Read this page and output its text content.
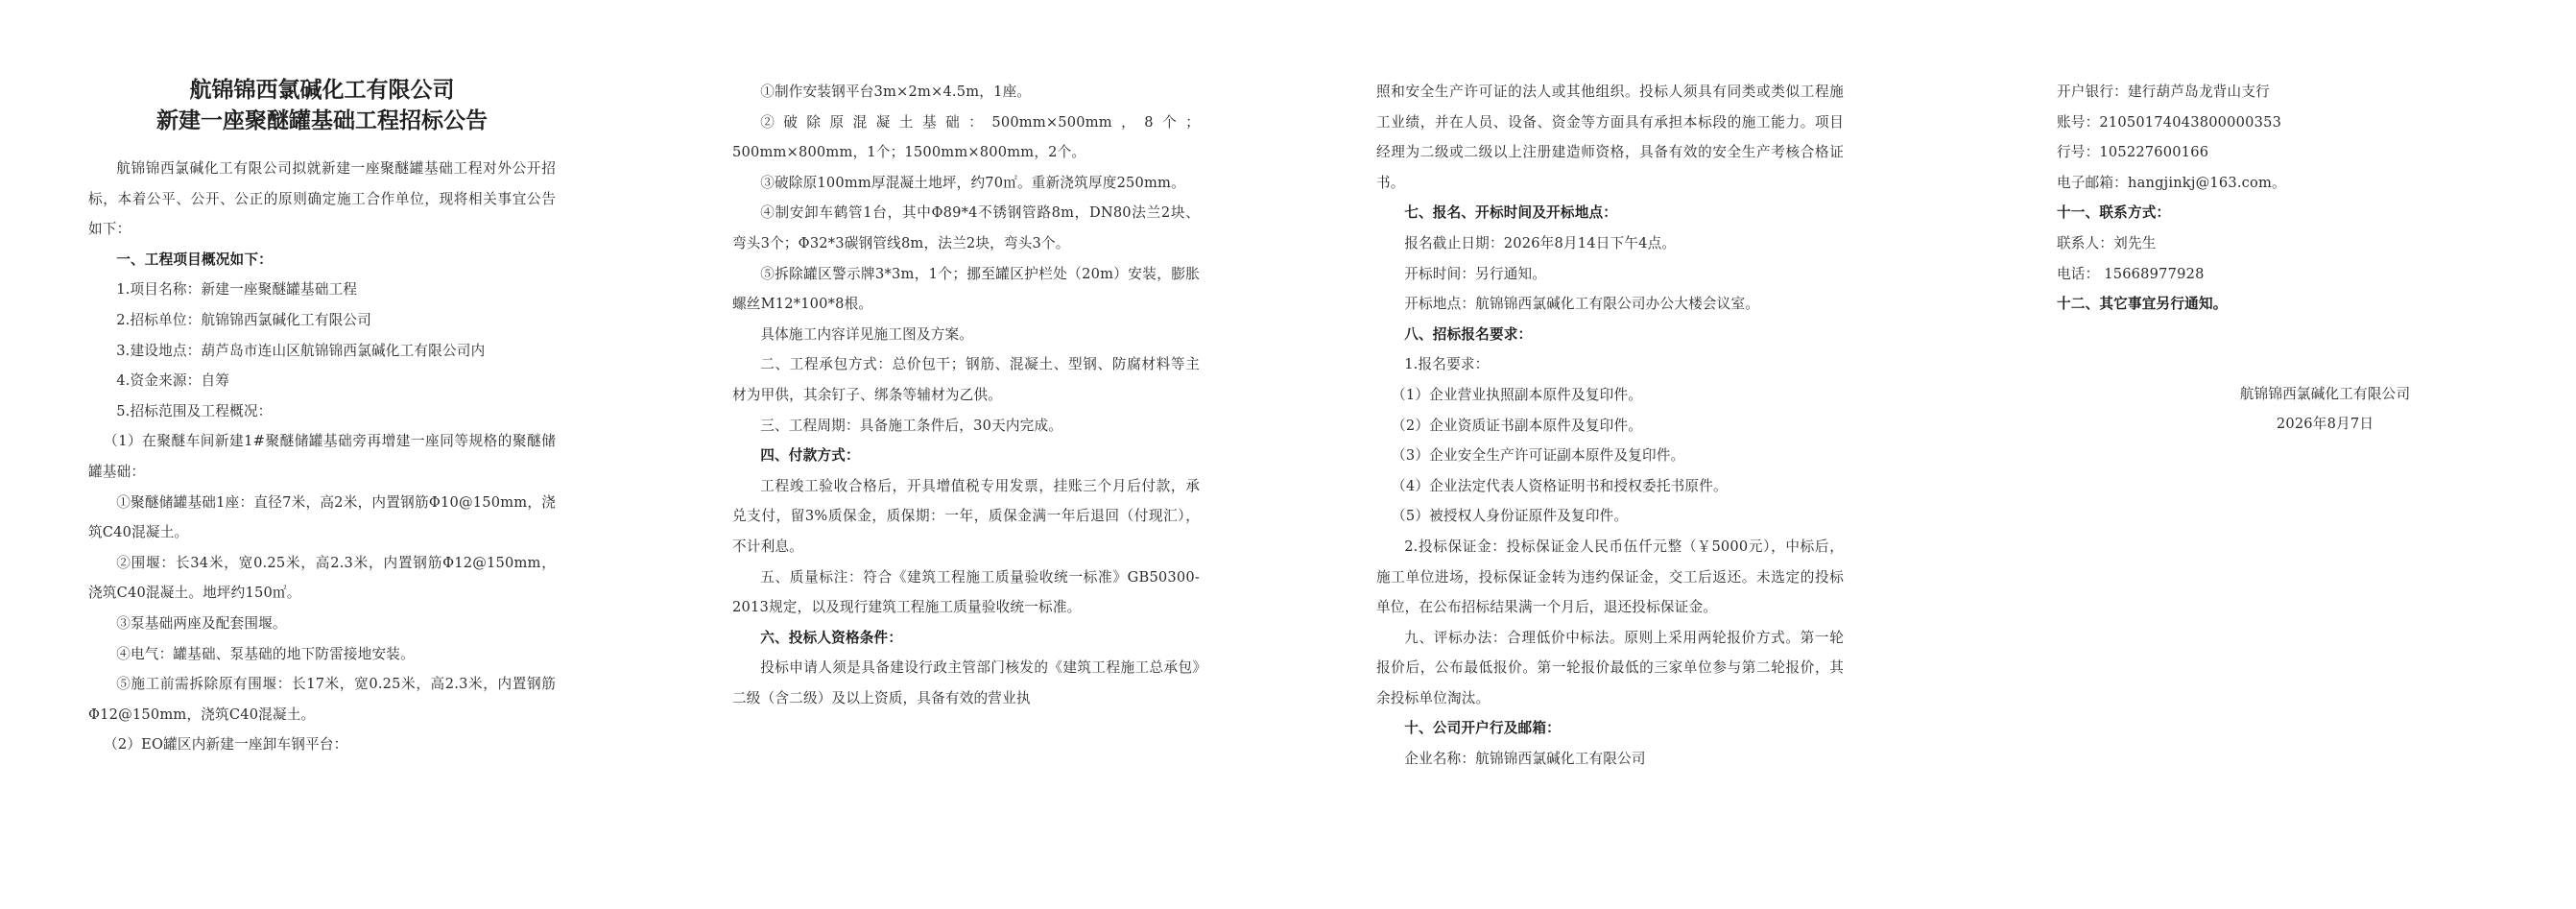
航锦锦西氯碱化工有限公司
新建一座聚醚罐基础工程招标公告

航锦锦西氯碱化工有限公司拟就新建一座聚醚罐基础工程对外公开招标，本着公平、公开、公正的原则确定施工合作单位，现将相关事宜公告如下：

一、工程项目概况如下：

1.项目名称：新建一座聚醚罐基础工程

2.招标单位：航锦锦西氯碱化工有限公司

3.建设地点：葫芦岛市连山区航锦锦西氯碱化工有限公司内

4.资金来源：自筹

5.招标范围及工程概况：

（1）在聚醚车间新建1#聚醚储罐基础旁再增建一座同等规格的聚醚储罐基础：

①聚醚储罐基础1座：直径7米，高2米，内置钢筋Φ10@150mm，浇筑C40混凝土。

②围堰：长34米，宽0.25米，高2.3米，内置钢筋Φ12@150mm，浇筑C40混凝土。地坪约150㎡。

③泵基础两座及配套围堰。

④电气：罐基础、泵基础的地下防雷接地安装。

⑤施工前需拆除原有围堰：长17米，宽0.25米，高2.3米，内置钢筋Φ12@150mm，浇筑C40混凝土。

（2）EO罐区内新建一座卸车钢平台：

①制作安装钢平台3m×2m×4.5m，1座。

②破除原混凝土基础：500mm×500mm，8个；500mm×800mm，1个；1500mm×800mm，2个。

③破除原100mm厚混凝土地坪，约70㎡。重新浇筑厚度250mm。

④制安卸车鹤管1台，其中Φ89*4不锈钢管路8m，DN80法兰2块、弯头3个；Φ32*3碳钢管线8m，法兰2块，弯头3个。

⑤拆除罐区警示牌3*3m，1个；挪至罐区护栏处（20m）安装，膨胀螺丝M12*100*8根。

具体施工内容详见施工图及方案。

二、工程承包方式：总价包干；钢筋、混凝土、型钢、防腐材料等主材为甲供，其余钉子、绑条等辅材为乙供。

三、工程周期：具备施工条件后，30天内完成。

四、付款方式：

工程竣工验收合格后，开具增值税专用发票，挂账三个月后付款，承兑支付，留3%质保金，质保期：一年，质保金满一年后退回（付现汇），不计利息。

五、质量标注：符合《建筑工程施工质量验收统一标准》GB50300-2013规定，以及现行建筑工程施工质量验收统一标准。

六、投标人资格条件：

投标申请人须是具备建设行政主管部门核发的《建筑工程施工总承包》二级（含二级）及以上资质，具备有效的营业执

照和安全生产许可证的法人或其他组织。投标人须具有同类或类似工程施工业绩，并在人员、设备、资金等方面具有承担本标段的施工能力。项目经理为二级或二级以上注册建造师资格，具备有效的安全生产考核合格证书。

七、报名、开标时间及开标地点：

报名截止日期：2026年8月14日下午4点。

开标时间：另行通知。

开标地点：航锦锦西氯碱化工有限公司办公大楼会议室。

八、招标报名要求：

1.报名要求：

（1）企业营业执照副本原件及复印件。

（2）企业资质证书副本原件及复印件。

（3）企业安全生产许可证副本原件及复印件。

（4）企业法定代表人资格证明书和授权委托书原件。

（5）被授权人身份证原件及复印件。

2.投标保证金：投标保证金人民币伍仟元整（￥5000元），中标后，施工单位进场，投标保证金转为违约保证金，交工后返还。未选定的投标单位，在公布招标结果满一个月后，退还投标保证金。

九、评标办法：合理低价中标法。原则上采用两轮报价方式。第一轮报价后，公布最低报价。第一轮报价最低的三家单位参与第二轮报价，其余投标单位淘汰。

十、公司开户行及邮箱：

企业名称：航锦锦西氯碱化工有限公司

开户银行：建行葫芦岛龙背山支行

账号：21050174043800000353

行号：105227600166

电子邮箱：hangjinkj@163.com。

十一、联系方式：

联系人：刘先生

电话： 15668977928

十二、其它事宜另行通知。

航锦锦西氯碱化工有限公司

2026年8月7日
